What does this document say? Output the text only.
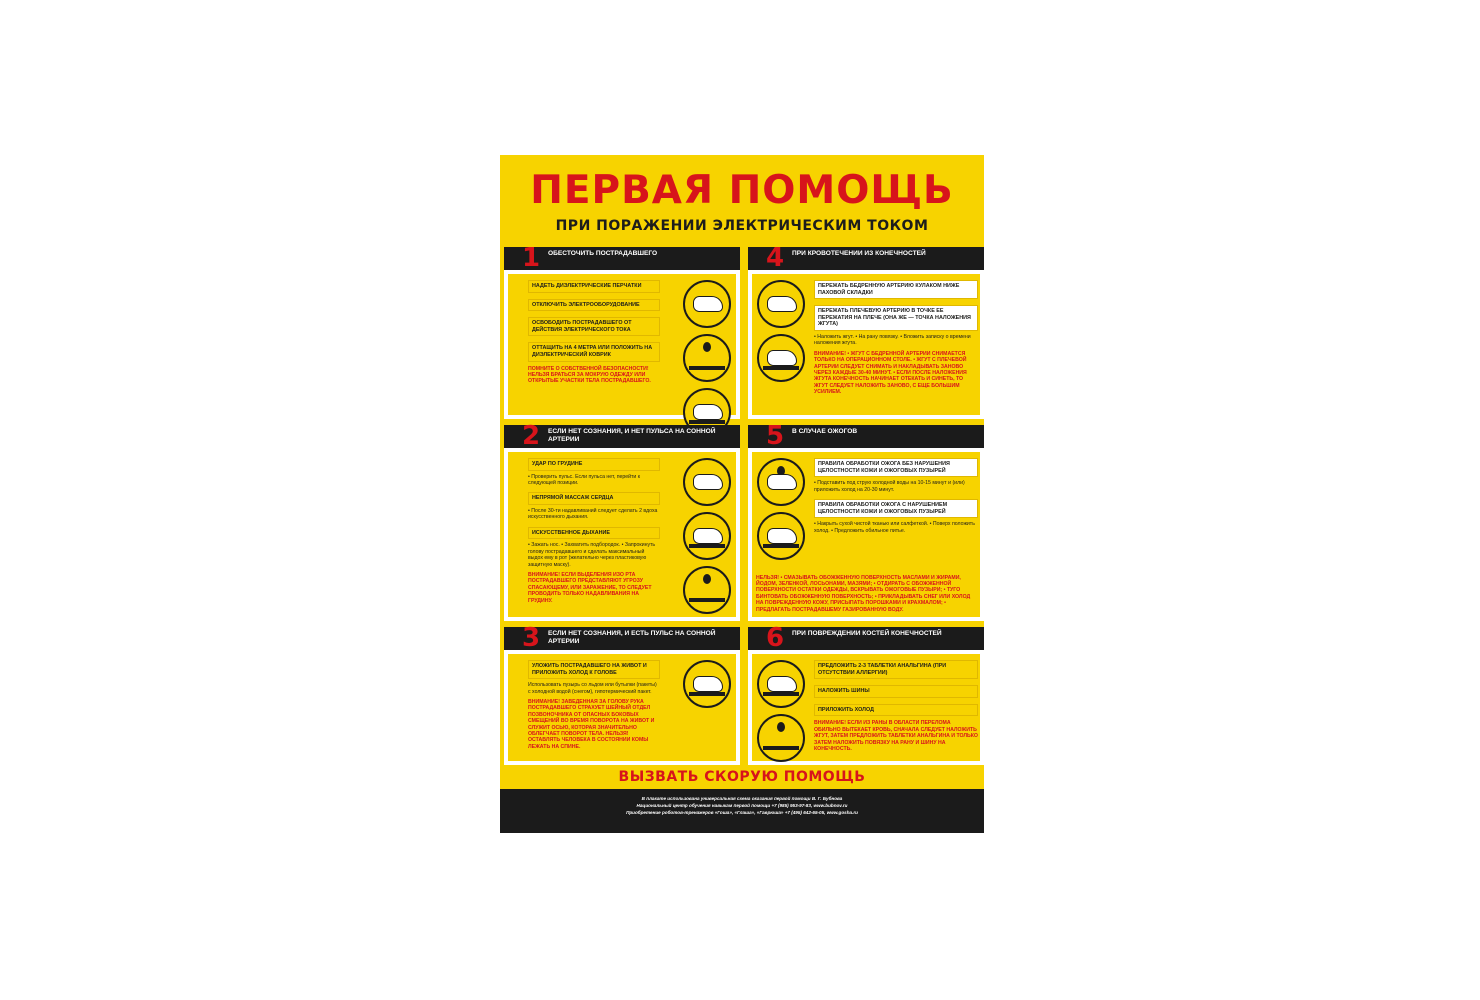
ПЕРВАЯ ПОМОЩЬ
ПРИ ПОРАЖЕНИИ ЭЛЕКТРИЧЕСКИМ ТОКОМ
1 ОБЕСТОЧИТЬ ПОСТРАДАВШЕГО
НАДЕТЬ ДИЭЛЕКТРИЧЕСКИЕ ПЕРЧАТКИ
ОТКЛЮЧИТЬ ЭЛЕКТРООБОРУДОВАНИЕ
ОСВОБОДИТЬ ПОСТРАДАВШЕГО ОТ ДЕЙСТВИЯ ЭЛЕКТРИЧЕСКОГО ТОКА
ОТТАЩИТЬ НА 4 МЕТРА ИЛИ ПОЛОЖИТЬ НА ДИЭЛЕКТРИЧЕСКИЙ КОВРИК
ПОМНИТЕ О СОБСТВЕННОЙ БЕЗОПАСНОСТИ! НЕЛЬЗЯ БРАТЬСЯ ЗА МОКРУЮ ОДЕЖДУ ИЛИ ОТКРЫТЫЕ УЧАСТКИ ТЕЛА ПОСТРАДАВШЕГО.
4 ПРИ КРОВОТЕЧЕНИИ ИЗ КОНЕЧНОСТЕЙ
ПЕРЕЖАТЬ БЕДРЕННУЮ АРТЕРИЮ КУЛАКОМ НИЖЕ ПАХОВОЙ СКЛАДКИ
ПЕРЕЖАТЬ ПЛЕЧЕВУЮ АРТЕРИЮ В ТОЧКЕ ЕЕ ПЕРЕЖАТИЯ НА ПЛЕЧЕ (ОНА ЖЕ — ТОЧКА НАЛОЖЕНИЯ ЖГУТА)
• Наложить жгут. • На рану повязку. • Вложить записку о времени наложения жгута.
ВНИМАНИЕ! • ЖГУТ С БЕДРЕННОЙ АРТЕРИИ СНИМАЕТСЯ ТОЛЬКО НА ОПЕРАЦИОННОМ СТОЛЕ. • ЖГУТ С ПЛЕЧЕВОЙ АРТЕРИИ СЛЕДУЕТ СНИМАТЬ И НАКЛАДЫВАТЬ ЗАНОВО ЧЕРЕЗ КАЖДЫЕ 30-40 МИНУТ. • ЕСЛИ ПОСЛЕ НАЛОЖЕНИЯ ЖГУТА КОНЕЧНОСТЬ НАЧИНАЕТ ОТЕКАТЬ И СИНЕТЬ, ТО ЖГУТ СЛЕДУЕТ НАЛОЖИТЬ ЗАНОВО, С ЕЩЕ БОЛЬШИМ УСИЛИЕМ.
2 ЕСЛИ НЕТ СОЗНАНИЯ, И НЕТ ПУЛЬСА НА СОННОЙ АРТЕРИИ
УДАР ПО ГРУДИНЕ
• Проверить пульс. Если пульса нет, перейти к следующей позиции.
НЕПРЯМОЙ МАССАЖ СЕРДЦА
• После 30-ти надавливаний следует сделать 2 вдоха искусственного дыхания.
ИСКУССТВЕННОЕ ДЫХАНИЕ
• Зажать нос. • Захватить подбородок. • Запрокинуть голову пострадавшего и сделать максимальный выдох ему в рот (желательно через пластиковую защитную маску).
ВНИМАНИЕ! ЕСЛИ ВЫДЕЛЕНИЯ ИЗО РТА ПОСТРАДАВШЕГО ПРЕДСТАВЛЯЮТ УГРОЗУ СПАСАЮЩЕМУ, ИЛИ ЗАРАЖЕНИЕ, ТО СЛЕДУЕТ ПРОВОДИТЬ ТОЛЬКО НАДАВЛИВАНИЯ НА ГРУДИНУ.
5 В СЛУЧАЕ ОЖОГОВ
ПРАВИЛА ОБРАБОТКИ ОЖОГА БЕЗ НАРУШЕНИЯ ЦЕЛОСТНОСТИ КОЖИ И ОЖОГОВЫХ ПУЗЫРЕЙ
• Подставить под струю холодной воды на 10-15 минут и (или) приложить холод на 20-30 минут.
ПРАВИЛА ОБРАБОТКИ ОЖОГА С НАРУШЕНИЕМ ЦЕЛОСТНОСТИ КОЖИ И ОЖОГОВЫХ ПУЗЫРЕЙ
• Накрыть сухой чистой тканью или салфеткой. • Поверх положить холод. • Предложить обильное питье.
НЕЛЬЗЯ! • СМАЗЫВАТЬ ОБОЖЖЕННУЮ ПОВЕРХНОСТЬ МАСЛАМИ И ЖИРАМИ, ЙОДОМ, ЗЕЛЕНКОЙ, ЛОСЬОНАМИ, МАЗЯМИ; • ОТДИРАТЬ С ОБОЖЖЕННОЙ ПОВЕРХНОСТИ ОСТАТКИ ОДЕЖДЫ, ВСКРЫВАТЬ ОЖОГОВЫЕ ПУЗЫРИ; • ТУГО БИНТОВАТЬ ОБОЖЖЕННУЮ ПОВЕРХНОСТЬ; • ПРИКЛАДЫВАТЬ СНЕГ ИЛИ ХОЛОД НА ПОВРЕЖДЕННУЮ КОЖУ, ПРИСЫПАТЬ ПОРОШКАМИ И КРАХМАЛОМ; • ПРЕДЛАГАТЬ ПОСТРАДАВШЕМУ ГАЗИРОВАННУЮ ВОДУ.
3 ЕСЛИ НЕТ СОЗНАНИЯ, И ЕСТЬ ПУЛЬС НА СОННОЙ АРТЕРИИ
УЛОЖИТЬ ПОСТРАДАВШЕГО НА ЖИВОТ И ПРИЛОЖИТЬ ХОЛОД К ГОЛОВЕ
Использовать пузырь со льдом или бутылки (пакеты) с холодной водой (снегом), гипотермический пакет.
ВНИМАНИЕ! ЗАВЕДЕННАЯ ЗА ГОЛОВУ РУКА ПОСТРАДАВШЕГО СТРАХУЕТ ШЕЙНЫЙ ОТДЕЛ ПОЗВОНОЧНИКА ОТ ОПАСНЫХ БОКОВЫХ СМЕЩЕНИЙ ВО ВРЕМЯ ПОВОРОТА НА ЖИВОТ И СЛУЖИТ ОСЬЮ, КОТОРАЯ ЗНАЧИТЕЛЬНО ОБЛЕГЧАЕТ ПОВОРОТ ТЕЛА. НЕЛЬЗЯ! ОСТАВЛЯТЬ ЧЕЛОВЕКА В СОСТОЯНИИ КОМЫ ЛЕЖАТЬ НА СПИНЕ.
6 ПРИ ПОВРЕЖДЕНИИ КОСТЕЙ КОНЕЧНОСТЕЙ
ПРЕДЛОЖИТЬ 2-3 ТАБЛЕТКИ АНАЛЬГИНА (ПРИ ОТСУТСТВИИ АЛЛЕРГИИ)
НАЛОЖИТЬ ШИНЫ
ПРИЛОЖИТЬ ХОЛОД
ВНИМАНИЕ! ЕСЛИ ИЗ РАНЫ В ОБЛАСТИ ПЕРЕЛОМА ОБИЛЬНО ВЫТЕКАЕТ КРОВЬ, СНАЧАЛА СЛЕДУЕТ НАЛОЖИТЬ ЖГУТ, ЗАТЕМ ПРЕДЛОЖИТЬ ТАБЛЕТКИ АНАЛЬГИНА И ТОЛЬКО ЗАТЕМ НАЛОЖИТЬ ПОВЯЗКУ НА РАНУ И ШИНУ НА КОНЕЧНОСТЬ.
ВЫЗВАТЬ СКОРУЮ ПОМОЩЬ
В плакате использована универсальная схема оказания первой помощи В. Г. Бубнова
Национальный центр обучения навыкам первой помощи +7 (985) 953-97-83, www.bubnov.ru
Приобретение роботов-тренажеров «Гоша», «Глаша», «Гаврюша» +7 (495) 642-65-05, www.gosha.ru
